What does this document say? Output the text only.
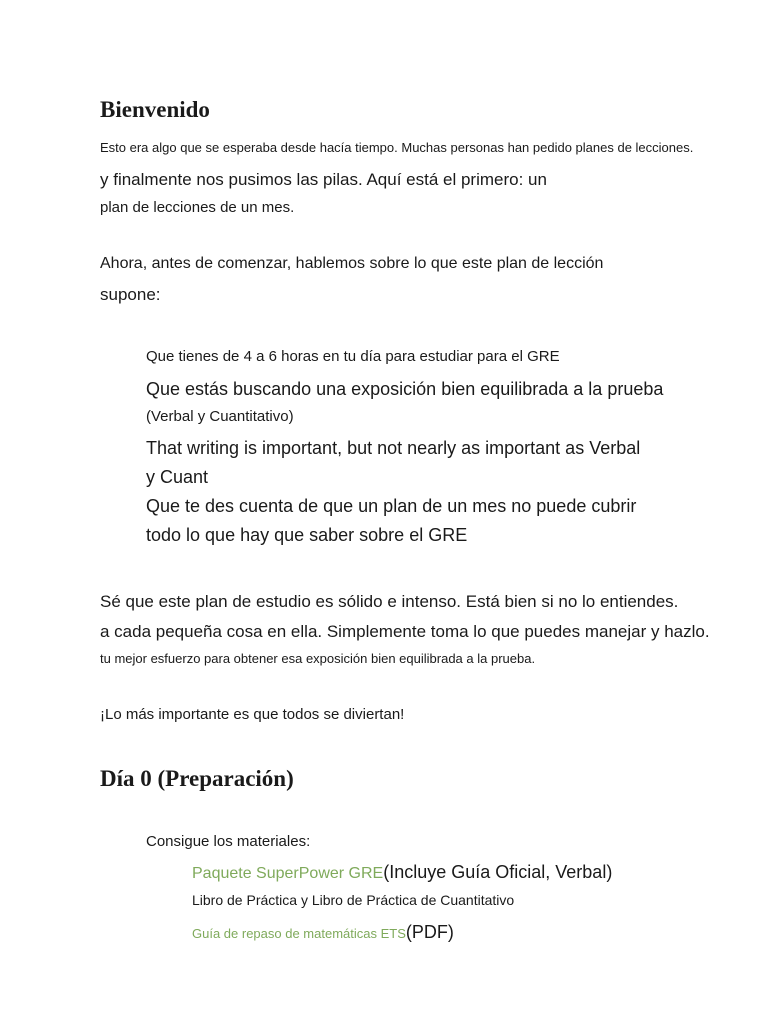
Bienvenido
Esto era algo que se esperaba desde hacía tiempo. Muchas personas han pedido planes de lecciones.
y finalmente nos pusimos las pilas. Aquí está el primero: un
plan de lecciones de un mes.
Ahora, antes de comenzar, hablemos sobre lo que este plan de lección
supone:
Que tienes de 4 a 6 horas en tu día para estudiar para el GRE
Que estás buscando una exposición bien equilibrada a la prueba
(Verbal y Cuantitativo)
That writing is important, but not nearly as important as Verbal
y Cuant
Que te des cuenta de que un plan de un mes no puede cubrir
todo lo que hay que saber sobre el GRE
Sé que este plan de estudio es sólido e intenso. Está bien si no lo entiendes.
a cada pequeña cosa en ella. Simplemente toma lo que puedes manejar y hazlo.
tu mejor esfuerzo para obtener esa exposición bien equilibrada a la prueba.
¡Lo más importante es que todos se diviertan!
Día 0 (Preparación)
Consigue los materiales:
Paquete SuperPower GRE(Incluye Guía Oficial, Verbal)
Libro de Práctica y Libro de Práctica de Cuantitativo
Guía de repaso de matemáticas ETS(PDF)
